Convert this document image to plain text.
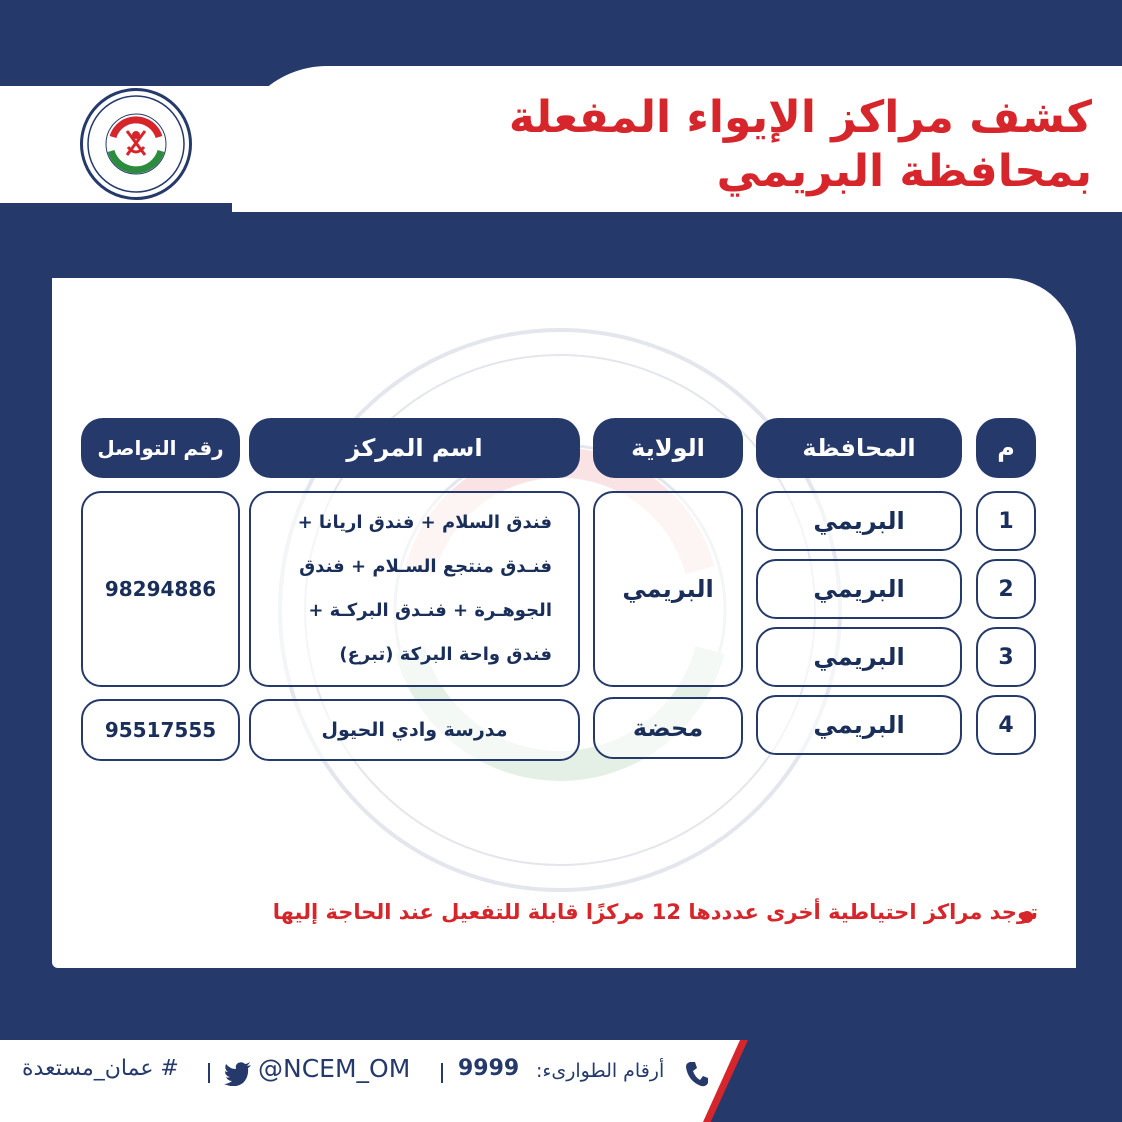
كشف مراكز الإيواء المفعلة
بمحافظة البريمي
م
المحافظة
الولاية
اسم المركز
رقم التواصل
1
2
3
4
البريمي
البريمي
البريمي
البريمي
البريمي
فندق السلام + فندق اريانا +
فنـدق منتجع السـلام + فندق
الجوهـرة + فنـدق البركـة +
فندق واحة البركة (تبرع)
98294886
محضة
مدرسة وادي الحيول
95517555
توجد مراكز احتياطية أخرى عدددها 12 مركزًا قابلة للتفعيل عند الحاجة إليها
أرقام الطوارىء:
9999
@NCEM_OM
# عمان_مستعدة
